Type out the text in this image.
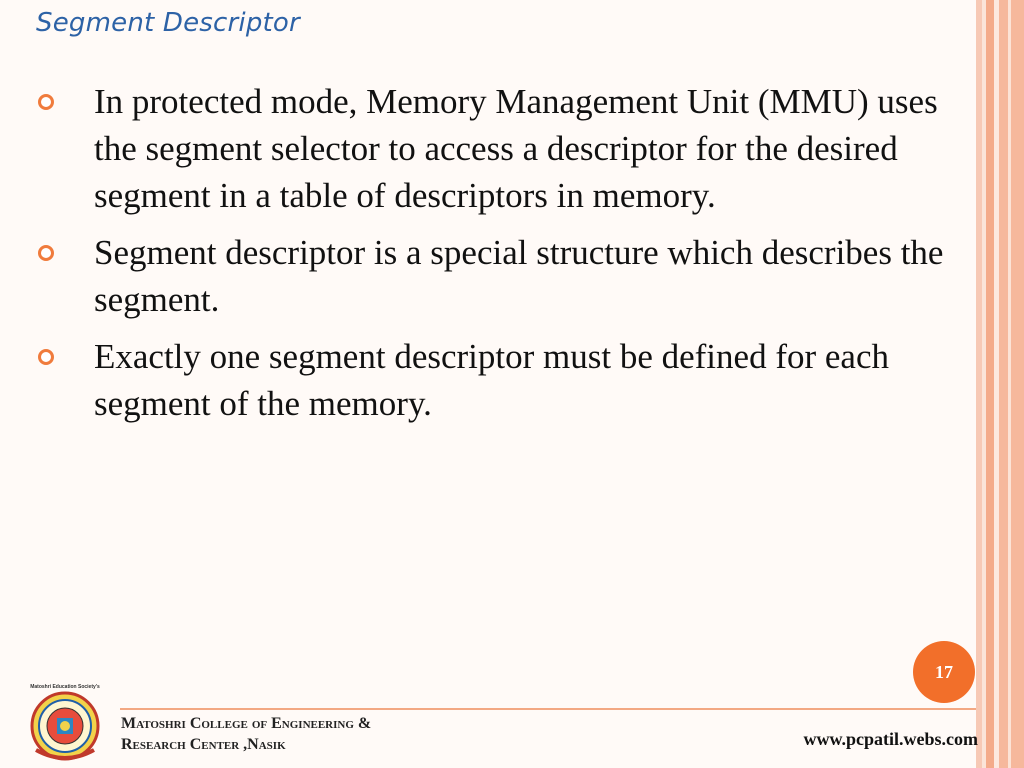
Segment Descriptor
In protected mode, Memory Management Unit (MMU) uses the segment selector to access a descriptor for the desired segment in a table of descriptors in memory.
Segment descriptor is a special structure which describes the segment.
Exactly one segment descriptor must be defined for each segment of the memory.
17
Matoshri Education Society's
Matoshri College of Engineering &
Research Center ,Nasik	www.pcpatil.webs.com
